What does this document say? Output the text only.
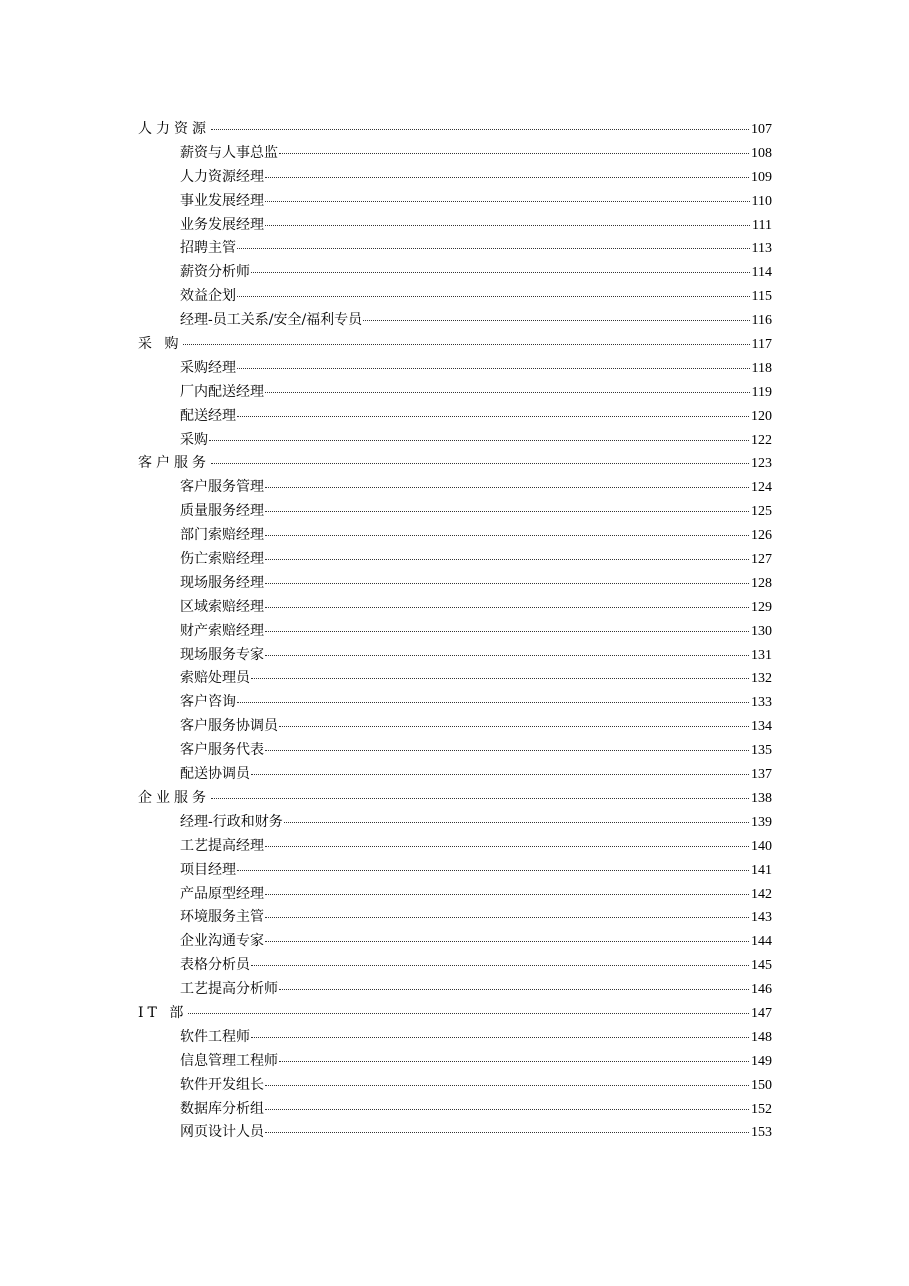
人力资源	107
薪资与人事总监	108
人力资源经理	109
事业发展经理	110
业务发展经理	111
招聘主管	113
薪资分析师	114
效益企划	115
经理-员工关系/安全/福利专员	116
采 购	117
采购经理	118
厂内配送经理	119
配送经理	120
采购	122
客户服务	123
客户服务管理	124
质量服务经理	125
部门索赔经理	126
伤亡索赔经理	127
现场服务经理	128
区域索赔经理	129
财产索赔经理	130
现场服务专家	131
索赔处理员	132
客户咨询	133
客户服务协调员	134
客户服务代表	135
配送协调员	137
企业服务	138
经理-行政和财务	139
工艺提高经理	140
项目经理	141
产品原型经理	142
环境服务主管	143
企业沟通专家	144
表格分析员	145
工艺提高分析师	146
IT 部	147
软件工程师	148
信息管理工程师	149
软件开发组长	150
数据库分析组	152
网页设计人员	153
